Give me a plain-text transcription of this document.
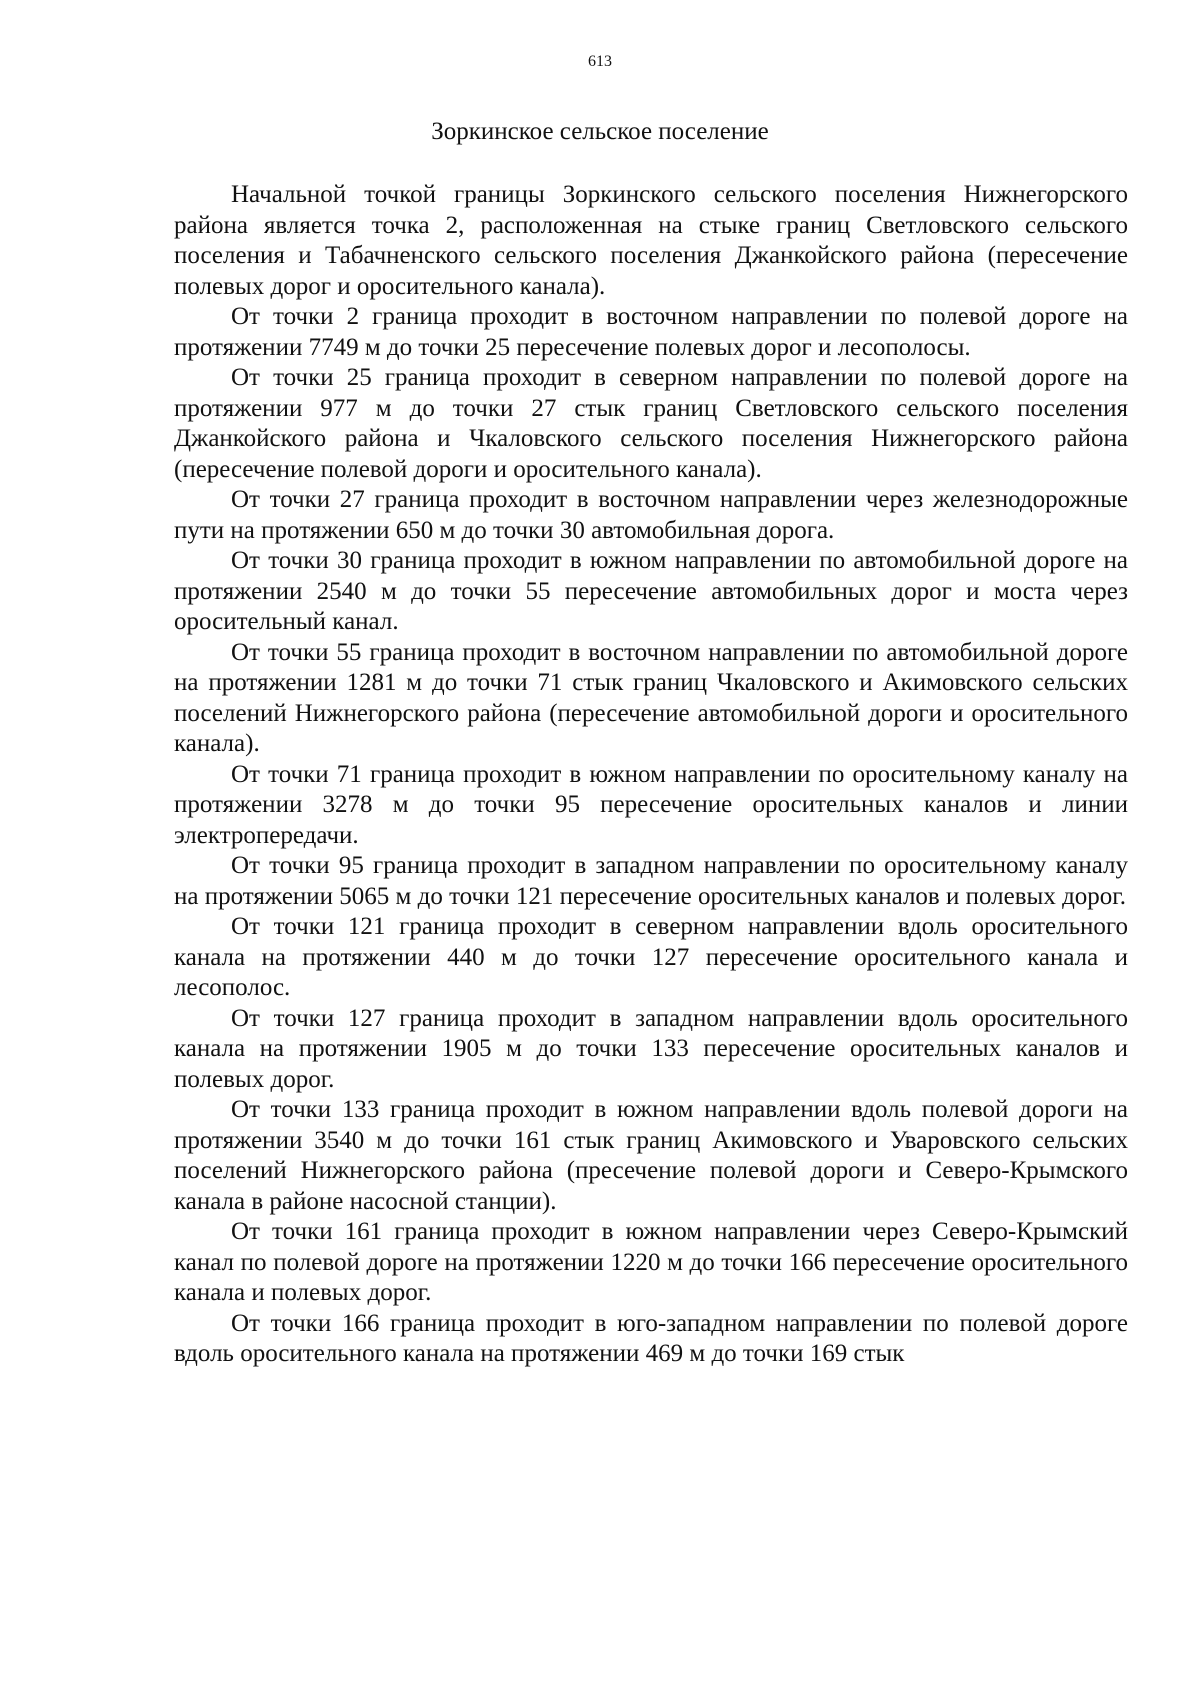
613
Зоркинское сельское поселение

Начальной точкой границы Зоркинского сельского поселения Нижнегорского района является точка 2, расположенная на стыке границ Светловского сельского поселения и Табачненского сельского поселения Джанкойского района (пересечение полевых дорог и оросительного канала).

От точки 2 граница проходит в восточном направлении по полевой дороге на протяжении 7749 м до точки 25 пересечение полевых дорог и лесополосы.

От точки 25 граница проходит в северном направлении по полевой дороге на протяжении 977 м до точки 27 стык границ Светловского сельского поселения Джанкойского района и Чкаловского сельского поселения Нижнегорского района (пересечение полевой дороги и оросительного канала).

От точки 27 граница проходит в восточном направлении через железнодорожные пути на протяжении 650 м до точки 30 автомобильная дорога.

От точки 30 граница проходит в южном направлении по автомобильной дороге на протяжении 2540 м до точки 55 пересечение автомобильных дорог и моста через оросительный канал.

От точки 55 граница проходит в восточном направлении по автомобильной дороге на протяжении 1281 м до точки 71 стык границ Чкаловского и Акимовского сельских поселений Нижнегорского района (пересечение автомобильной дороги и оросительного канала).

От точки 71 граница проходит в южном направлении по оросительному каналу на протяжении 3278 м до точки 95 пересечение оросительных каналов и линии электропередачи.

От точки 95 граница проходит в западном направлении по оросительному каналу на протяжении 5065 м до точки 121 пересечение оросительных каналов и полевых дорог.

От точки 121 граница проходит в северном направлении вдоль оросительного канала на протяжении 440 м до точки 127 пересечение оросительного канала и лесополос.

От точки 127 граница проходит в западном направлении вдоль оросительного канала на протяжении 1905 м до точки 133 пересечение оросительных каналов и полевых дорог.

От точки 133 граница проходит в южном направлении вдоль полевой дороги на протяжении 3540 м до точки 161 стык границ Акимовского и Уваровского сельских поселений Нижнегорского района (пресечение полевой дороги и Северо-Крымского канала в районе насосной станции).

От точки 161 граница проходит в южном направлении через Северо-Крымский канал по полевой дороге на протяжении 1220 м до точки 166 пересечение оросительного канала и полевых дорог.

От точки 166 граница проходит в юго-западном направлении по полевой дороге вдоль оросительного канала на протяжении 469 м до точки 169 стык
